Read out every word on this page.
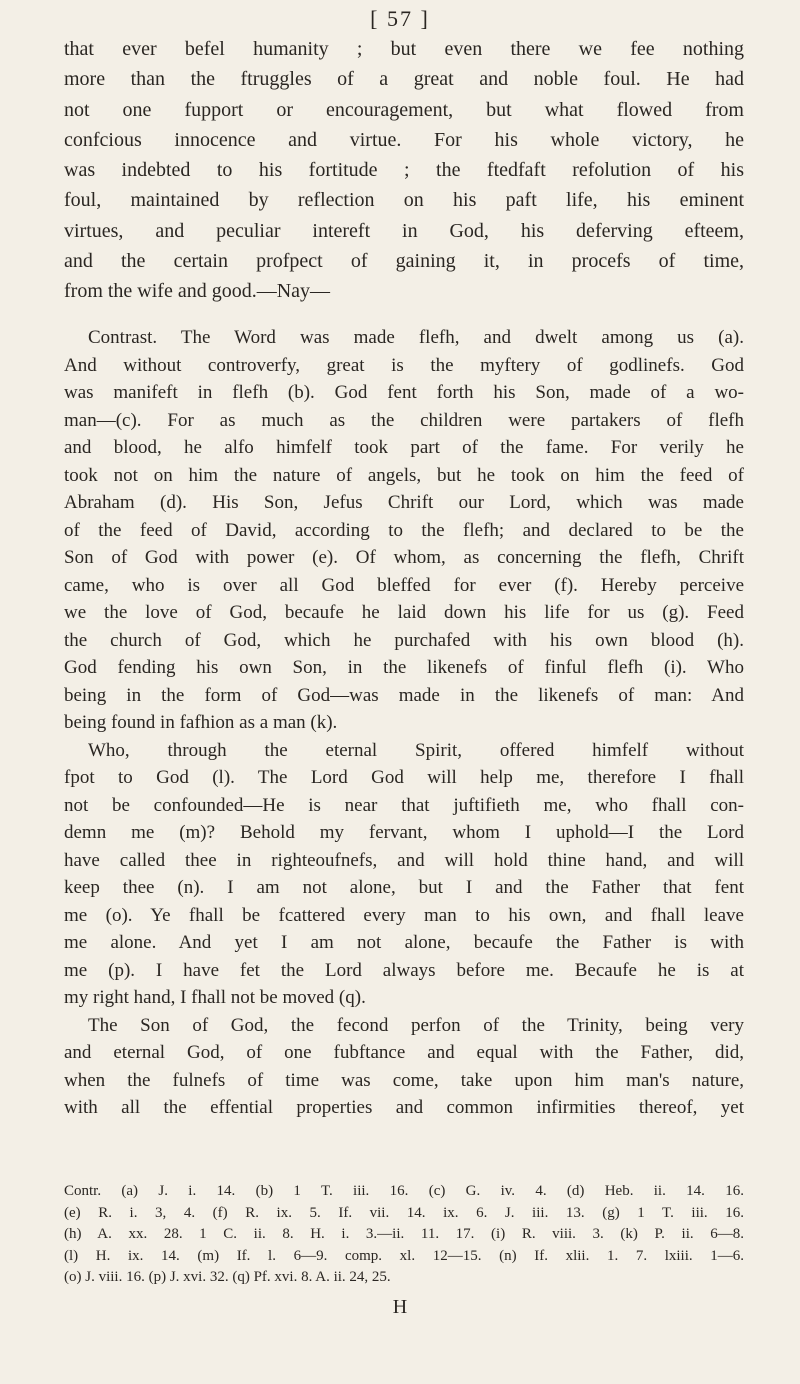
[ 57 ]
that ever befel humanity ; but even there we fee nothing
more than the ftruggles of a great and noble foul. He had
not one fupport or encouragement, but what flowed from
confcious innocence and virtue. For his whole victory, he
was indebted to his fortitude ; the ftedfaft refolution of his
foul, maintained by reflection on his paft life, his eminent
virtues, and peculiar intereft in God, his deferving efteem,
and the certain profpect of gaining it, in procefs of time,
from the wife and good.—Nay—
Contrast. The Word was made flefh, and dwelt among us (a).
And without controverfy, great is the myftery of godlinefs. God
was manifeft in flefh (b). God fent forth his Son, made of a wo-
man—(c). For as much as the children were partakers of flefh
and blood, he alfo himfelf took part of the fame. For verily he
took not on him the nature of angels, but he took on him the feed of
Abraham (d). His Son, Jefus Chrift our Lord, which was made
of the feed of David, according to the flefh; and declared to be the
Son of God with power (e). Of whom, as concerning the flefh, Chrift
came, who is over all God bleffed for ever (f). Hereby perceive
we the love of God, becaufe he laid down his life for us (g). Feed
the church of God, which he purchafed with his own blood (h).
God fending his own Son, in the likenefs of finful flefh (i). Who
being in the form of God—was made in the likenefs of man: And
being found in fafhion as a man (k).
Who, through the eternal Spirit, offered himfelf without
fpot to God (l). The Lord God will help me, therefore I fhall
not be confounded—He is near that juftifieth me, who fhall con-
demn me (m)? Behold my fervant, whom I uphold—I the Lord
have called thee in righteoufnefs, and will hold thine hand, and will
keep thee (n). I am not alone, but I and the Father that fent
me (o). Ye fhall be fcattered every man to his own, and fhall leave
me alone. And yet I am not alone, becaufe the Father is with
me (p). I have fet the Lord always before me. Becaufe he is at
my right hand, I fhall not be moved (q).
The Son of God, the fecond perfon of the Trinity, being very
and eternal God, of one fubftance and equal with the Father, did,
when the fulnefs of time was come, take upon him man's nature,
with all the effential properties and common infirmities thereof, yet
Contr. (a) J. i. 14. (b) 1 T. iii. 16. (c) G. iv. 4. (d) Heb. ii. 14. 16.
(e) R. i. 3, 4. (f) R. ix. 5. If. vii. 14. ix. 6. J. iii. 13. (g) 1 T. iii. 16.
(h) A. xx. 28. 1 C. ii. 8. H. i. 3.—ii. 11. 17. (i) R. viii. 3. (k) P. ii. 6—8.
(l) H. ix. 14. (m) If. l. 6—9. comp. xl. 12—15. (n) If. xlii. 1. 7. lxiii. 1—6.
(o) J. viii. 16. (p) J. xvi. 32. (q) Pf. xvi. 8. A. ii. 24, 25.
H
